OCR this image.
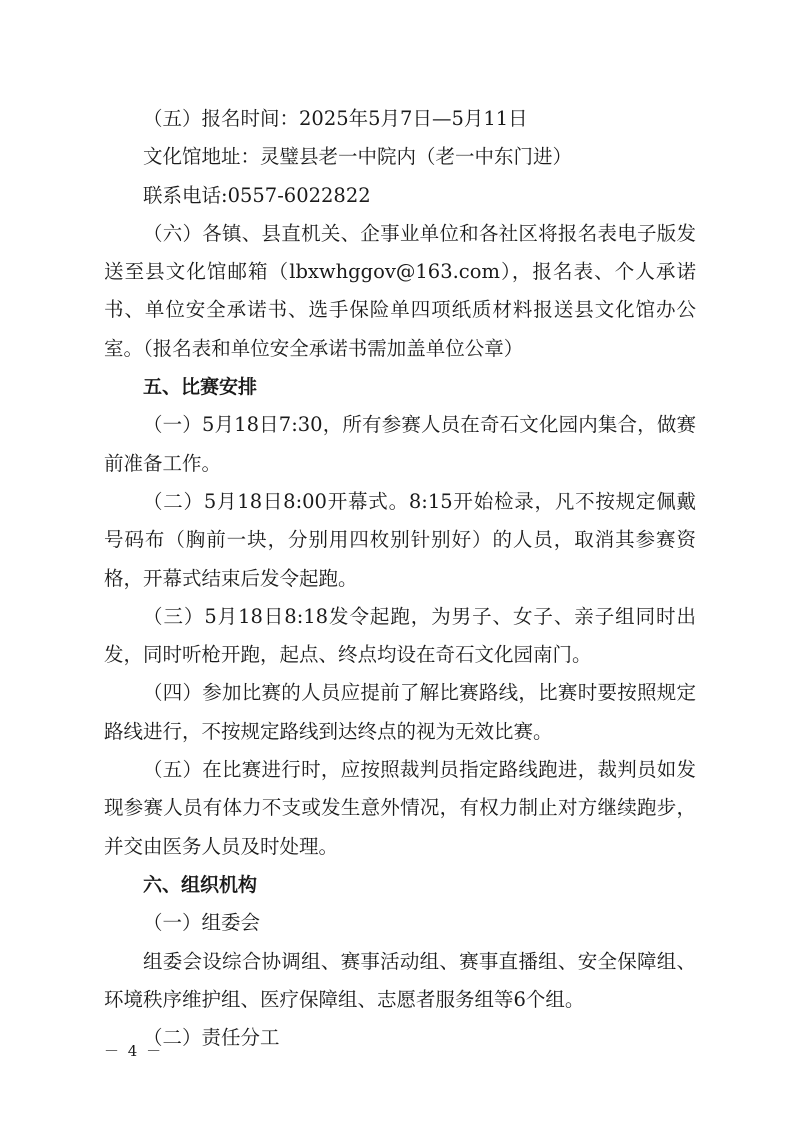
（五）报名时间：2025年5月7日—5月11日

文化馆地址：灵璧县老一中院内（老一中东门进）

联系电话:0557-6022822

（六）各镇、县直机关、企事业单位和各社区将报名表电子版发送至县文化馆邮箱（lbxwhggov@163.com），报名表、个人承诺书、单位安全承诺书、选手保险单四项纸质材料报送县文化馆办公室。（报名表和单位安全承诺书需加盖单位公章）

五、比赛安排

（一）5月18日7:30，所有参赛人员在奇石文化园内集合，做赛前准备工作。

（二）5月18日8:00开幕式。8:15开始检录，凡不按规定佩戴号码布（胸前一块，分别用四枚别针别好）的人员，取消其参赛资格，开幕式结束后发令起跑。

（三）5月18日8:18发令起跑，为男子、女子、亲子组同时出发，同时听枪开跑，起点、终点均设在奇石文化园南门。

（四）参加比赛的人员应提前了解比赛路线，比赛时要按照规定路线进行，不按规定路线到达终点的视为无效比赛。

（五）在比赛进行时，应按照裁判员指定路线跑进，裁判员如发现参赛人员有体力不支或发生意外情况，有权力制止对方继续跑步，并交由医务人员及时处理。

六、组织机构

（一）组委会

组委会设综合协调组、赛事活动组、赛事直播组、安全保障组、环境秩序维护组、医疗保障组、志愿者服务组等6个组。

（二）责任分工

－ 4 －
